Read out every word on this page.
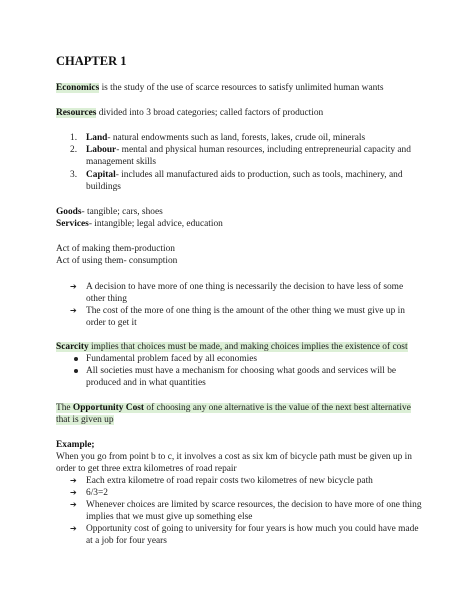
CHAPTER 1
Economics is the study of the use of scarce resources to satisfy unlimited human wants
Resources divided into 3 broad categories; called factors of production
1. Land- natural endowments such as land, forests, lakes, crude oil, minerals
2. Labour- mental and physical human resources, including entrepreneurial capacity and
management skills
3. Capital- includes all manufactured aids to production, such as tools, machinery, and
buildings
Goods- tangible; cars, shoes
Services- intangible; legal advice, education
Act of making them-production
Act of using them- consumption
➔ A decision to have more of one thing is necessarily the decision to have less of some
other thing
➔ The cost of the more of one thing is the amount of the other thing we must give up in
order to get it
Scarcity implies that choices must be made, and making choices implies the existence of cost
Fundamental problem faced by all economies
All societies must have a mechanism for choosing what goods and services will be
produced and in what quantities
The Opportunity Cost of choosing any one alternative is the value of the next best alternative
that is given up
Example;
When you go from point b to c, it involves a cost as six km of bicycle path must be given up in
order to get three extra kilometres of road repair
➔ Each extra kilometre of road repair costs two kilometres of new bicycle path
➔ 6/3=2
➔ Whenever choices are limited by scarce resources, the decision to have more of one thing
implies that we must give up something else
➔ Opportunity cost of going to university for four years is how much you could have made
at a job for four years
